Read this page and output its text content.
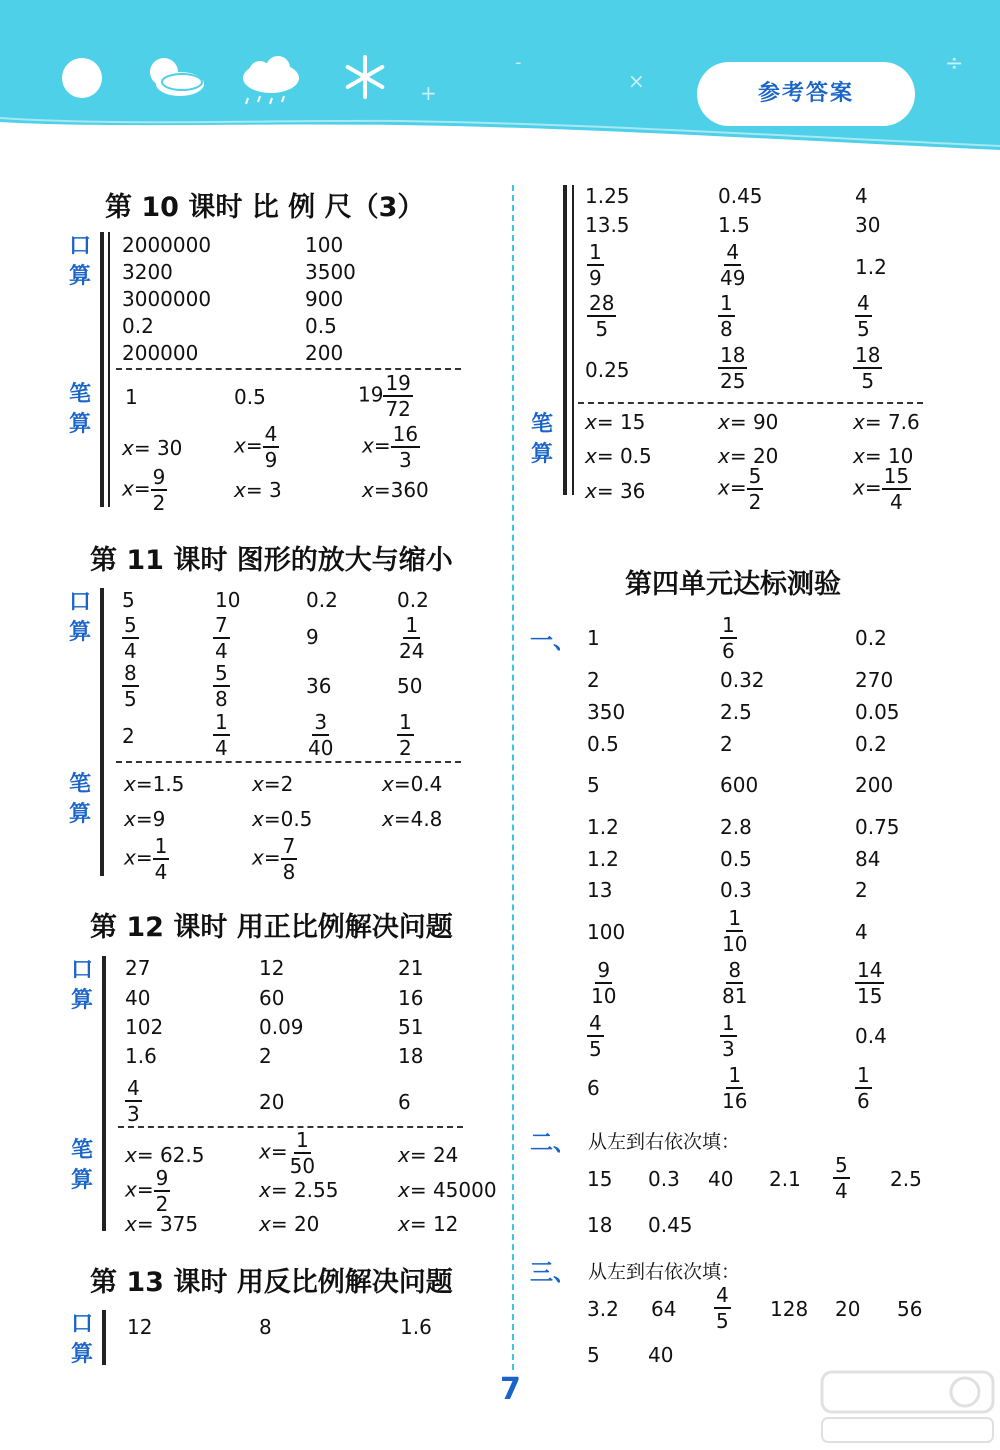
+
-
×
÷
参考答案
第 10 课时 比 例 尺（3）
口
算
2000000	100
3200	3500
3000000	900
0.2	0.5
200000	200
笔
算
1	0.5	$19 \frac{19}{72}$
x= 30	$x= \frac{4}{9}$	$x= \frac{16}{3}$
$x= \frac{9}{2}$	x= 3	x=360
第 11 课时 图形的放大与缩小
口
算
5	10	0.2	0.2
$\frac{5}{4}$	$\frac{7}{4}$	9	$\frac{1}{24}$
$\frac{8}{5}$	$\frac{5}{8}$	36	50
2	$\frac{1}{4}$	$\frac{3}{40}$	$\frac{1}{2}$
笔
算
x=1.5	x=2	x=0.4
x=9	x=0.5	x=4.8
$x= \frac{1}{4}$	$x= \frac{7}{8}$
第 12 课时 用正比例解决问题
口
算
27	12	21
40	60	16
102	0.09	51
1.6	2	18
$\frac{4}{3}$	20	6
笔
算
x= 62.5	$x= \frac{1}{50}$	x= 24
$x= \frac{9}{2}$	x= 2.55	x= 45000
x= 375	x= 20	x= 12
第 13 课时 用反比例解决问题
口
算
12	8	1.6
1.25	0.45	4
13.5	1.5	30
$\frac{1}{9}$	$\frac{4}{49}$	1.2
$\frac{28}{5}$	$\frac{1}{8}$	$\frac{4}{5}$
0.25	$\frac{18}{25}$	$\frac{18}{5}$
笔
算
x= 15	x= 90	x= 7.6
x= 0.5	x= 20	x= 10
x= 36	$x= \frac{5}{2}$	$x= \frac{15}{4}$
第四单元达标测验
一、 1	$\frac{1}{6}$	0.2
2	0.32	270
350	2.5	0.05
0.5	2	0.2
5	600	200
1.2	2.8	0.75
1.2	0.5	84
13	0.3	2
100	$\frac{1}{10}$	4
$\frac{9}{10}$	$\frac{8}{81}$	$\frac{14}{15}$
$\frac{4}{5}$	$\frac{1}{3}$	0.4
6	$\frac{1}{16}$	$\frac{1}{6}$
二、 从左到右依次填：
15 0.3 40 $2.1 \frac{5}{4} 2.5$
18 0.45
三、 从左到右依次填：
3.2 $64 \frac{4}{5} 128$ 20 56
5 40
7
